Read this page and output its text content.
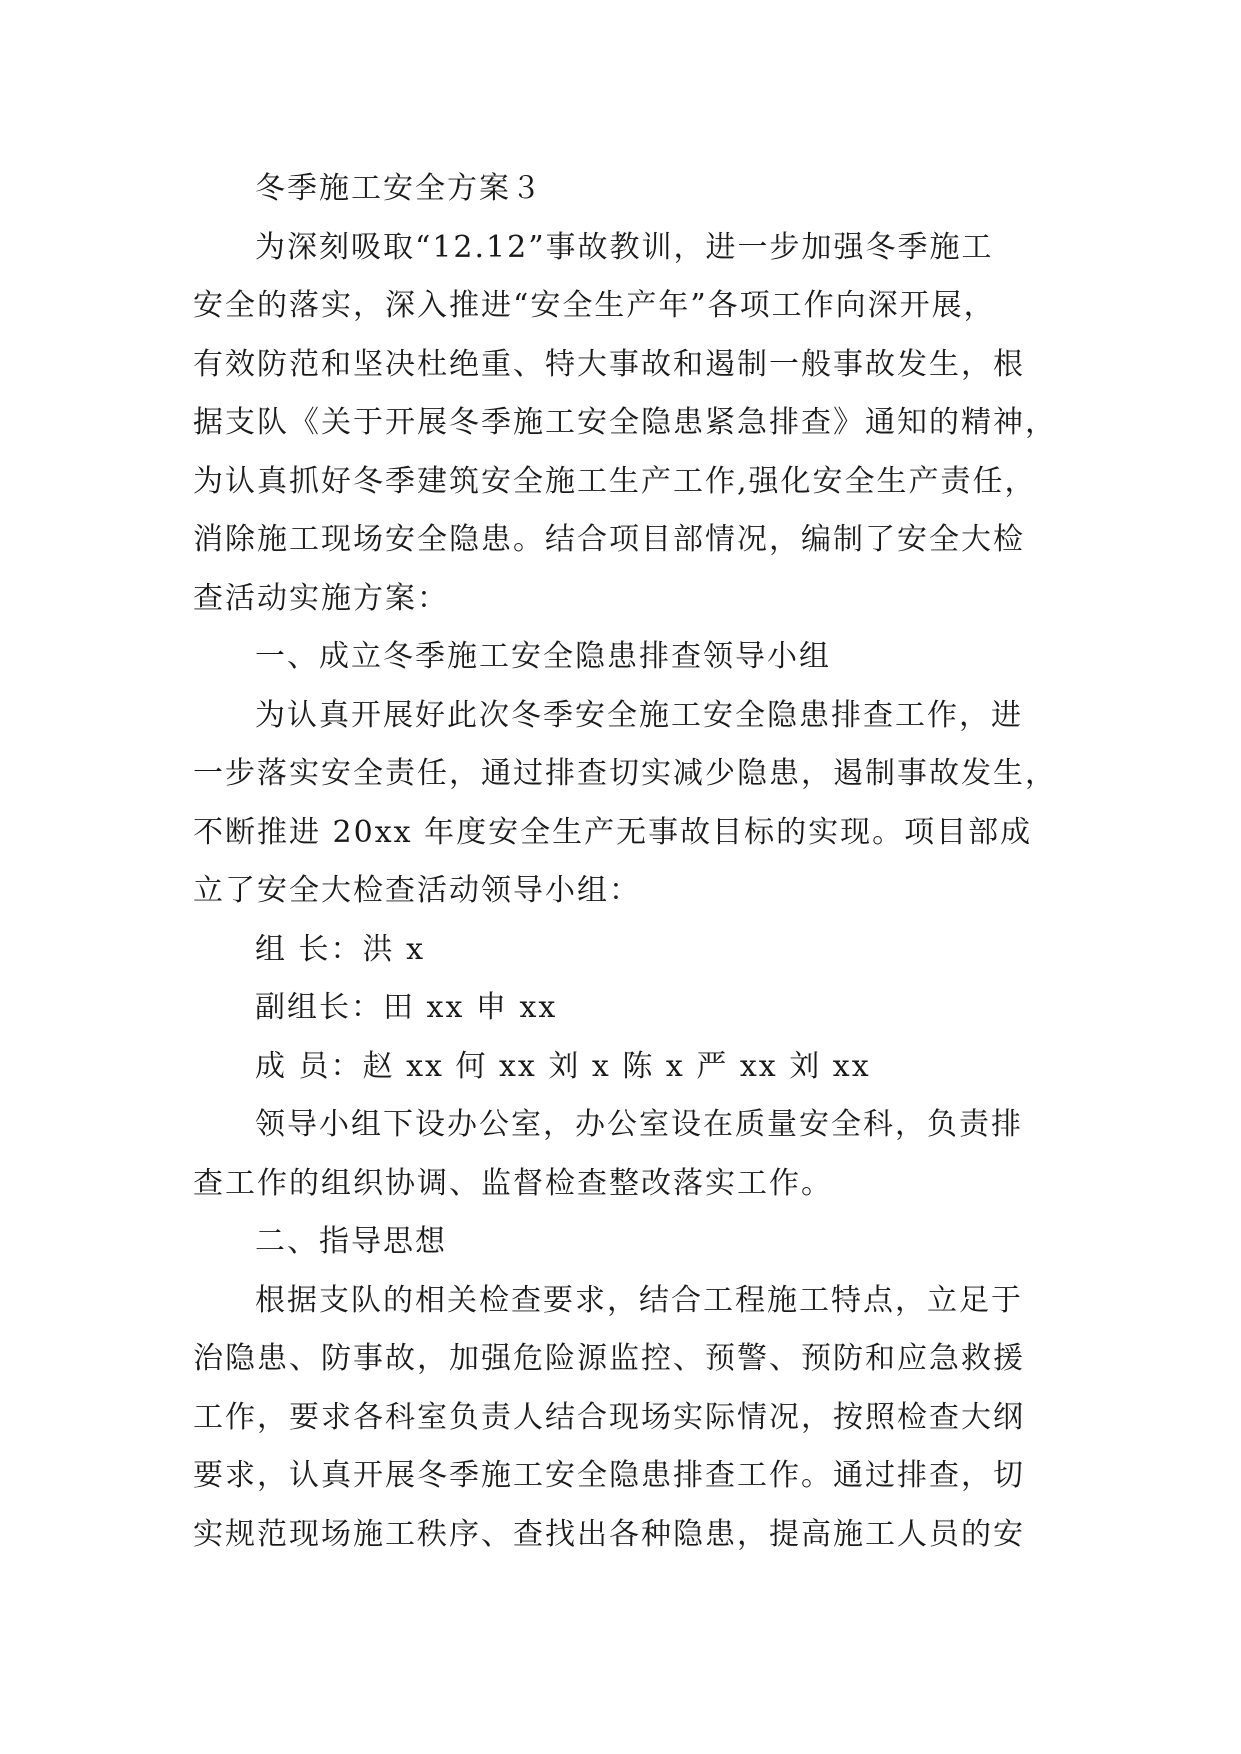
冬季施工安全方案３
为深刻吸取“12.12”事故教训，进一步加强冬季施工
安全的落实，深入推进“安全生产年”各项工作向深开展，
有效防范和坚决杜绝重、特大事故和遏制一般事故发生，根
据支队《关于开展冬季施工安全隐患紧急排查》通知的精神，
为认真抓好冬季建筑安全施工生产工作,强化安全生产责任，
消除施工现场安全隐患。结合项目部情况，编制了安全大检
查活动实施方案：
一、成立冬季施工安全隐患排查领导小组
为认真开展好此次冬季安全施工安全隐患排查工作，进
一步落实安全责任，通过排查切实减少隐患，遏制事故发生，
不断推进 20xx 年度安全生产无事故目标的实现。项目部成
立了安全大检查活动领导小组：
组 长：洪 x
副组长：田 xx 申 xx
成 员：赵 xx 何 xx 刘 x 陈 x 严 xx 刘 xx
领导小组下设办公室，办公室设在质量安全科，负责排
查工作的组织协调、监督检查整改落实工作。
二、指导思想
根据支队的相关检查要求，结合工程施工特点，立足于
治隐患、防事故，加强危险源监控、预警、预防和应急救援
工作，要求各科室负责人结合现场实际情况，按照检查大纲
要求，认真开展冬季施工安全隐患排查工作。通过排查，切
实规范现场施工秩序、查找出各种隐患，提高施工人员的安
